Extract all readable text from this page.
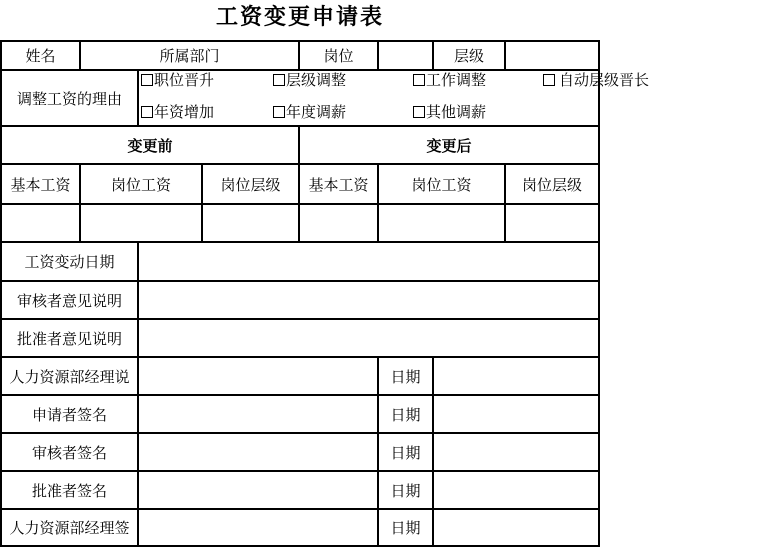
工资变更申请表
姓名	所属部门	岗位	层级
调整工资的理由
职位晋升	层级调整	工作调整	自动层级晋长
年资增加	年度调薪	其他调薪
变更前	变更后
基本工资	岗位工资	岗位层级	基本工资	岗位工资	岗位层级
工资变动日期
审核者意见说明
批准者意见说明
人力资源部经理说	日期
申请者签名	日期
审核者签名	日期
批准者签名	日期
人力资源部经理签	日期
